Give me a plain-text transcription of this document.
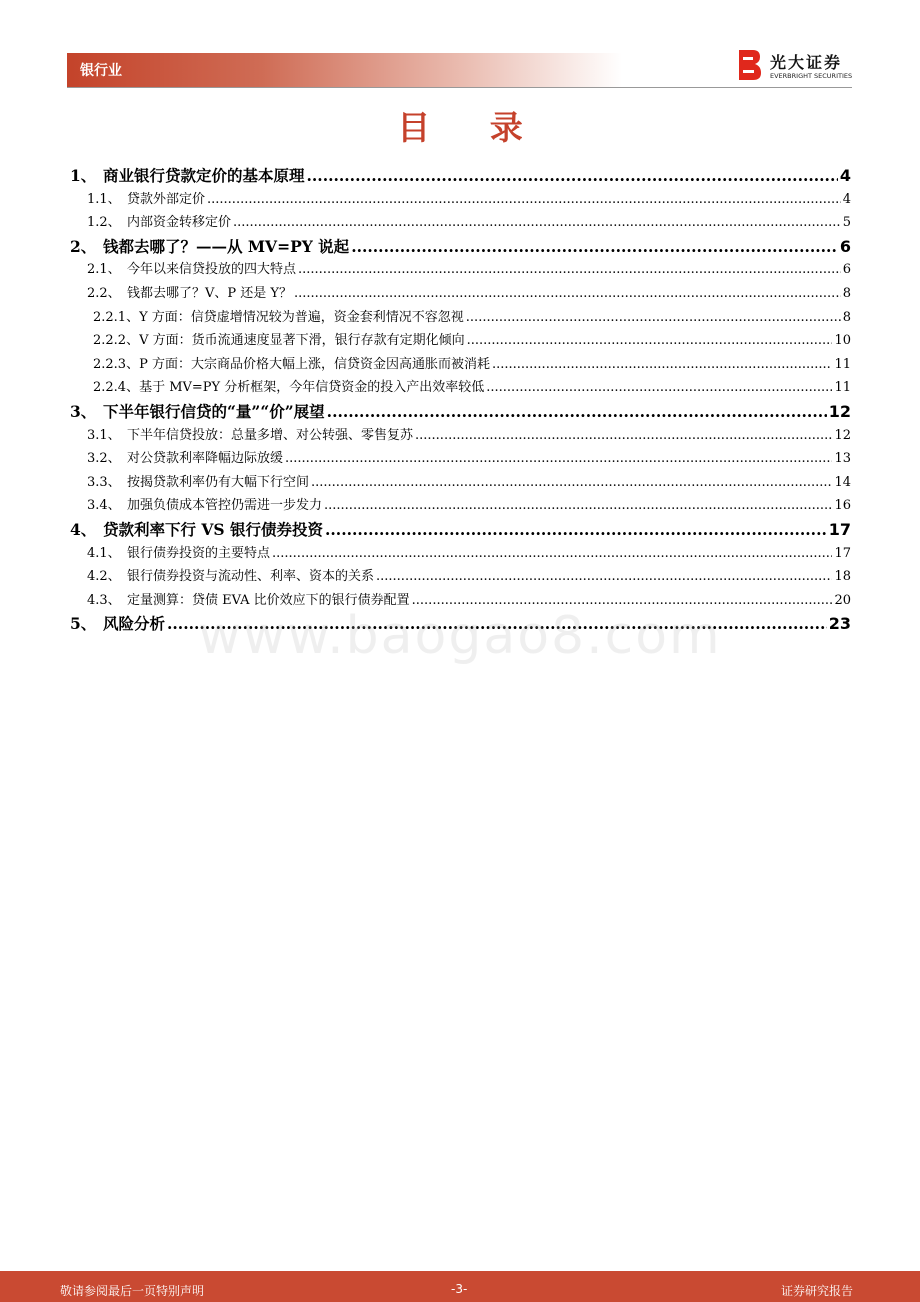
银行业	光大证券
EVERBRIGHT SECURITIES
目 录
1、 商业银行贷款定价的基本原理 .....	4
1.1、 贷款外部定价 .....	4
1.2、 内部资金转移定价 .....	5
2、 钱都去哪了？——从 MV=PY 说起 .....	6
2.1、 今年以来信贷投放的四大特点 .....	6
2.2、 钱都去哪了？V、P 还是 Y？ .....	8
2.2.1、 Y 方面：信贷虚增情况较为普遍，资金套利情况不容忽视 .....	8
2.2.2、 V 方面：货币流通速度显著下滑，银行存款有定期化倾向 .....	10
2.2.3、 P 方面：大宗商品价格大幅上涨，信贷资金因高通胀而被消耗 .....	11
2.2.4、 基于 MV=PY 分析框架，今年信贷资金的投入产出效率较低 .....	11
3、 下半年银行信贷的“量”“价”展望 .....	12
3.1、 下半年信贷投放：总量多增、对公转强、零售复苏 .....	12
3.2、 对公贷款利率降幅边际放缓 .....	13
3.3、 按揭贷款利率仍有大幅下行空间 .....	14
3.4、 加强负债成本管控仍需进一步发力 .....	16
4、 贷款利率下行 VS 银行债券投资 .....	17
4.1、 银行债券投资的主要特点 .....	17
4.2、 银行债券投资与流动性、利率、资本的关系 .....	18
4.3、 定量测算：贷债 EVA 比价效应下的银行债券配置 .....	20
5、 风险分析 .....	23
www.baogao8.com
敬请参阅最后一页特别声明	-3-	证券研究报告
